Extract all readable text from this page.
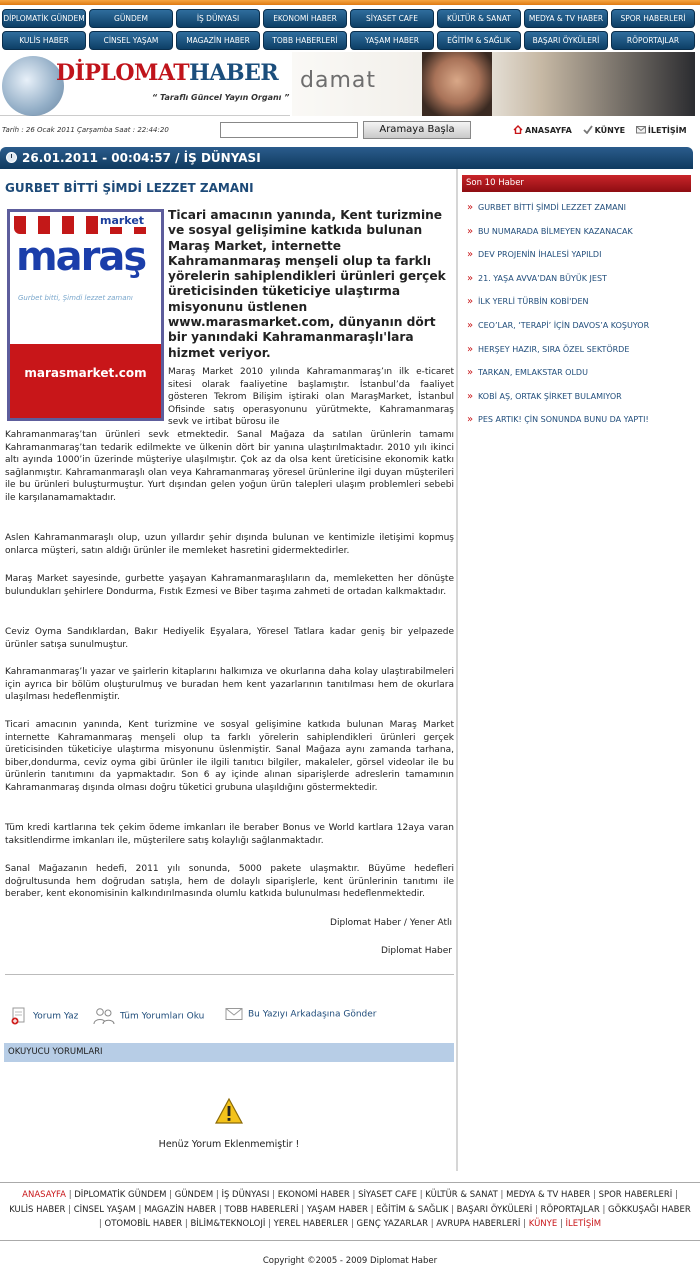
DİPLOMATİK GÜNDEM	GÜNDEM	İŞ DÜNYASI	EKONOMİ HABER	SİYASET CAFE	KÜLTÜR & SANAT	MEDYA & TV HABER	SPOR HABERLERİ
KULİS HABER	CİNSEL YAŞAM	MAGAZİN HABER	TOBB HABERLERİ	YAŞAM HABER	EĞİTİM & SAĞLIK	BAŞARI ÖYKÜLERİ	RÖPORTAJLAR
DİPLOMATHABER
“ Taraflı Güncel Yayın Organı ”
damat
Tarih : 26 Ocak 2011 Çarşamba Saat : 22:44:20	Aramaya Başla	ANASAYFA	KÜNYE	İLETİŞİM
26.01.2011 - 00:04:57 / İŞ DÜNYASI
GURBET BİTTİ ŞİMDİ LEZZET ZAMANI
market
maraş
Gurbet bitti, Şimdi lezzet zamanı
marasmarket.com
Ticari amacının yanında, Kent turizmine ve sosyal gelişimine katkıda bulunan Maraş Market, internette Kahramanmaraş menşeli olup ta farklı yörelerin sahiplendikleri ürünleri gerçek üreticisinden tüketiciye ulaştırma misyonunu üstlenen www.marasmarket.com, dünyanın dört bir yanındaki Kahramanmaraşlı'lara hizmet veriyor.
Maraş Market 2010 yılında Kahramanmaraş’ın ilk e-ticaret sitesi olarak faaliyetine başlamıştır. İstanbul’da faaliyet gösteren Tekrom Bilişim iştiraki olan MaraşMarket, İstanbul Ofisinde satış operasyonunu yürütmekte, Kahramanmaraş sevk ve irtibat bürosu ile
Kahramanmaraş’tan ürünleri sevk etmektedir. Sanal Mağaza da satılan ürünlerin tamamı Kahramanmaraş’tan tedarik edilmekte ve ülkenin dört bir yanına ulaştırılmaktadır. 2010 yılı ikinci altı ayında 1000’in üzerinde müşteriye ulaşılmıştır. Çok az da olsa kent üreticisine ekonomik katkı sağlanmıştır. Kahramanmaraşlı olan veya Kahramanmaraş yöresel ürünlerine ilgi duyan müşterileri ile bu ürünleri buluşturmuştur. Yurt dışından gelen yoğun ürün talepleri ulaşım problemleri sebebi ile karşılanamamaktadır.
Aslen Kahramanmaraşlı olup, uzun yıllardır şehir dışında bulunan ve kentimizle iletişimi kopmuş onlarca müşteri, satın aldığı ürünler ile memleket hasretini gidermektedirler.
Maraş Market sayesinde, gurbette yaşayan Kahramanmaraşlıların da, memleketten her dönüşte bulundukları şehirlere Dondurma, Fıstık Ezmesi ve Biber taşıma zahmeti de ortadan kalkmaktadır.
Ceviz Oyma Sandıklardan, Bakır Hediyelik Eşyalara, Yöresel Tatlara kadar geniş bir yelpazede ürünler satışa sunulmuştur.
Kahramanmaraş’lı yazar ve şairlerin kitaplarını halkımıza ve okurlarına daha kolay ulaştırabilmeleri için ayrıca bir bölüm oluşturulmuş ve buradan hem kent yazarlarının tanıtılması hem de okurlara ulaşılması hedeflenmiştir.
Ticari amacının yanında, Kent turizmine ve sosyal gelişimine katkıda bulunan Maraş Market internette Kahramanmaraş menşeli olup ta farklı yörelerin sahiplendikleri ürünleri gerçek üreticisinden tüketiciye ulaştırma misyonunu üslenmiştir. Sanal Mağaza aynı zamanda tarhana, biber,dondurma, ceviz oyma gibi ürünler ile ilgili tanıtıcı bilgiler, makaleler, görsel videolar ile bu ürünlerin tanıtımını da yapmaktadır. Son 6 ay içinde alınan siparişlerde adreslerin tamamının Kahramanmaraş dışında olması doğru tüketici grubuna ulaşıldığını göstermektedir.
Tüm kredi kartlarına tek çekim ödeme imkanları ile beraber Bonus ve World kartlara 12aya varan taksitlendirme imkanları ile, müşterilere satış kolaylığı sağlanmaktadır.
Sanal Mağazanın hedefi, 2011 yılı sonunda, 5000 pakete ulaşmaktır. Büyüme hedefleri doğrultusunda hem doğrudan satışla, hem de dolaylı siparişlerle, kent ürünlerinin tanıtımı ile beraber, kent ekonomisinin kalkındırılmasında olumlu katkıda bulunulması hedeflenmektedir.
Diplomat Haber / Yener Atlı
Diplomat Haber
Yorum Yaz	Tüm Yorumları Oku	Bu Yazıyı Arkadaşına Gönder
OKUYUCU YORUMLARI
Henüz Yorum Eklenmemiştir !
Son 10 Haber
» GURBET BİTTİ ŞİMDİ LEZZET ZAMANI
» BU NUMARADA BİLMEYEN KAZANACAK
» DEV PROJENİN İHALESİ YAPILDI
» 21. YAŞA AVVA’DAN BÜYÜK JEST
» İLK YERLİ TÜRBİN KOBİ'DEN
» CEO’LAR, ‘TERAPİ’ İÇİN DAVOS’A KOŞUYOR
» HERŞEY HAZIR, SIRA ÖZEL SEKTÖRDE
» TARKAN, EMLAKSTAR OLDU
» KOBİ AŞ, ORTAK ŞİRKET BULAMIYOR
» PES ARTIK! ÇİN SONUNDA BUNU DA YAPTI!
ANASAYFA | DİPLOMATİK GÜNDEM | GÜNDEM | İŞ DÜNYASI | EKONOMİ HABER | SİYASET CAFE | KÜLTÜR & SANAT | MEDYA & TV HABER | SPOR HABERLERİ |
KULİS HABER | CİNSEL YAŞAM | MAGAZİN HABER | TOBB HABERLERİ | YAŞAM HABER | EĞİTİM & SAĞLIK | BAŞARI ÖYKÜLERİ | RÖPORTAJLAR | GÖKKUŞAĞI HABER
| OTOMOBİL HABER | BİLİM&TEKNOLOJİ | YEREL HABERLER | GENÇ YAZARLAR | AVRUPA HABERLERİ | KÜNYE | İLETİŞİM
Copyright ©2005 - 2009 Diplomat Haber
